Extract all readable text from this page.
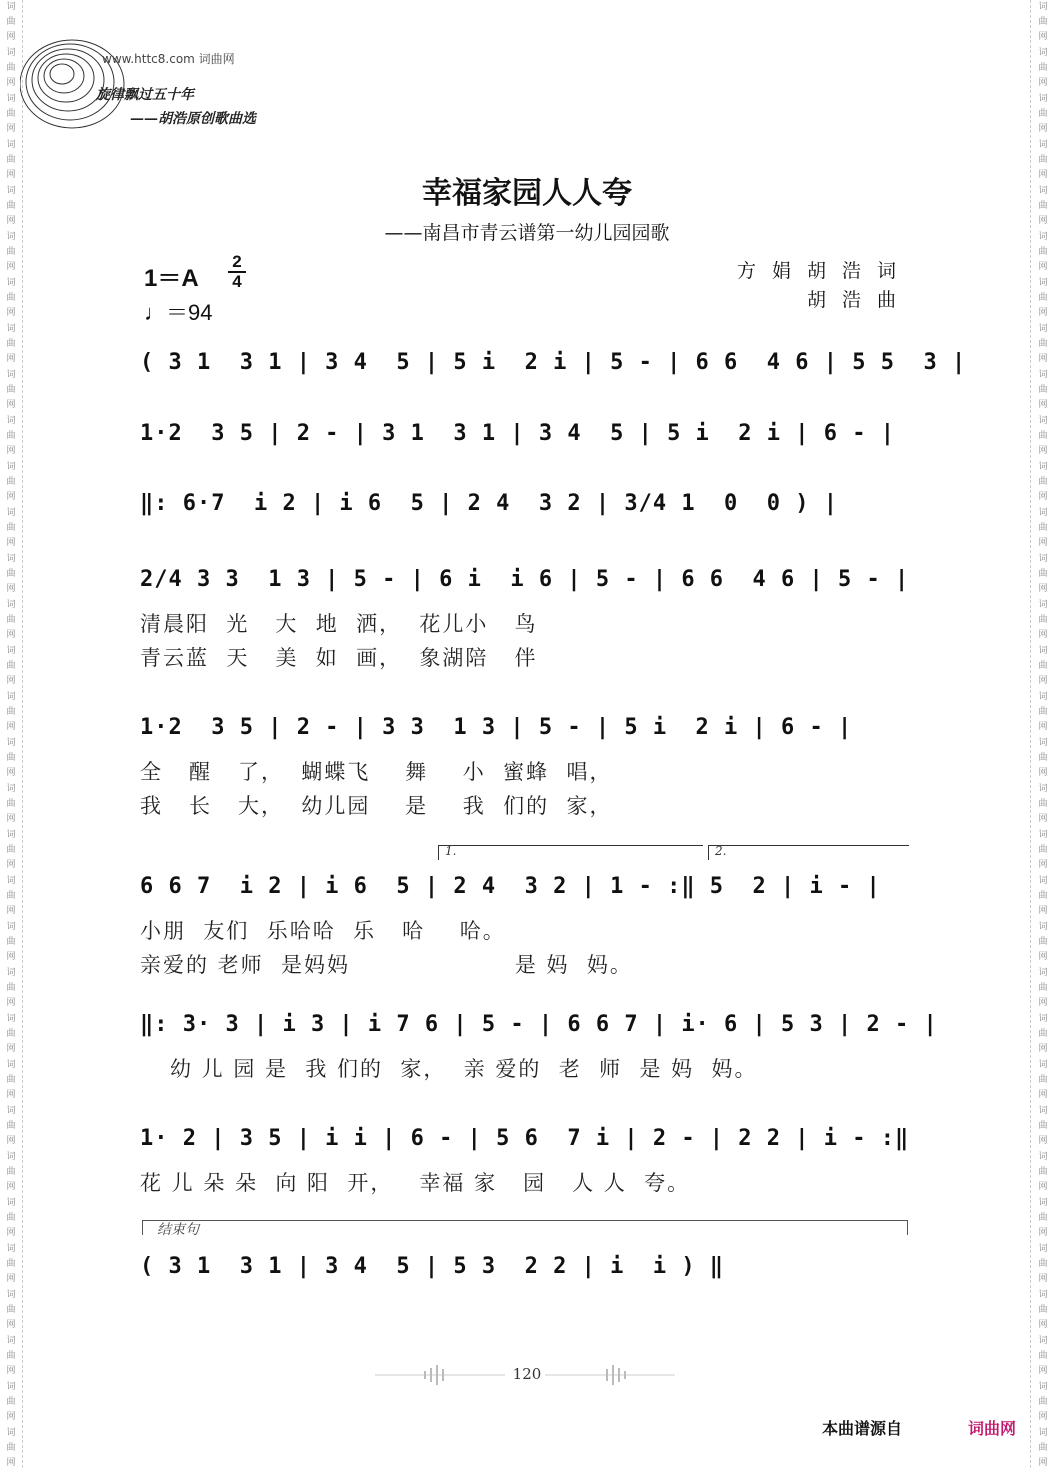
词
曲
网
词
曲
网
词
曲
网
词
曲
网
词
曲
网
词
曲
网
词
曲
网
词
曲
网
词
曲
网
词
曲
网
词
曲
网
词
曲
网
词
曲
网
词
曲
网
词
曲
网
词
曲
网
词
曲
网
词
曲
网
词
曲
网
词
曲
网
词
曲
网
词
曲
网
词
曲
网
词
曲
网
词
曲
网
词
曲
网
词
曲
网
词
曲
网
词
曲
网
词
曲
网
词
曲
网
词
曲
网
词
曲
网
词
曲
网
词
曲
网
词
曲
网
词
曲
网
词
曲
网
词
曲
网
词
曲
网
词
曲
网
词
曲
网
词
曲
网
词
曲
网
词
曲
网
词
曲
网
词
曲
网
词
曲
网
词
曲
网
词
曲
网
词
曲
网
词
曲
网
词
曲
网
词
曲
网
词
曲
网
词
曲
网
词
曲
网
词
曲
网
词
曲
网
词
曲
网
词
曲
网
词
曲
网
词
曲
网
词
曲
网
www.httc8.com 词曲网
旋律飘过五十年
——胡浩原创歌曲选
幸福家园人人夸
——南昌市青云谱第一幼儿园园歌
1＝A
2
4
♩＝94
方娟胡浩词
胡浩曲
( 3 1  3 1 | 3 4  5 | 5 i  2 i | 5 - | 6 6  4 6 | 5 5  3 |
1·2  3 5 | 2 - | 3 1  3 1 | 3 4  5 | 5 i  2 i | 6 - |
‖: 6·7  i 2 | i 6  5 | 2 4  3 2 | 3/4 1  0  0 ) |
2/4 3 3  1 3 | 5 - | 6 i  i 6 | 5 - | 6 6  4 6 | 5 - |
清晨阳  光   大  地  洒，  花儿小   鸟
青云蓝  天   美  如  画，  象湖陪   伴
1·2  3 5 | 2 - | 3 3  1 3 | 5 - | 5 i  2 i | 6 - |
全   醒   了，  蝴蝶飞    舞    小  蜜蜂  唱，
我   长   大，  幼儿园    是    我  们的  家，
1.	2.
6 6 7  i 2 | i 6  5 | 2 4  3 2 | 1 - :‖ 5  2 | i - |
小朋  友们  乐哈哈  乐   哈    哈。
亲爱的 老师  是妈妈                   是 妈  妈。
‖: 3· 3 | i 3 | i 7 6 | 5 - | 6 6 7 | i· 6 | 5 3 | 2 - |
幼 儿 园 是  我 们的  家，  亲 爱的  老  师  是 妈  妈。
1· 2 | 3 5 | i i | 6 - | 5 6  7 i | 2 - | 2 2 | i - :‖
花 儿 朵 朵  向 阳  开，   幸福 家   园   人 人  夸。
结束句
( 3 1  3 1 | 3 4  5 | 5 3  2 2 | i  i ) ‖
120
本曲谱源自	词曲网
